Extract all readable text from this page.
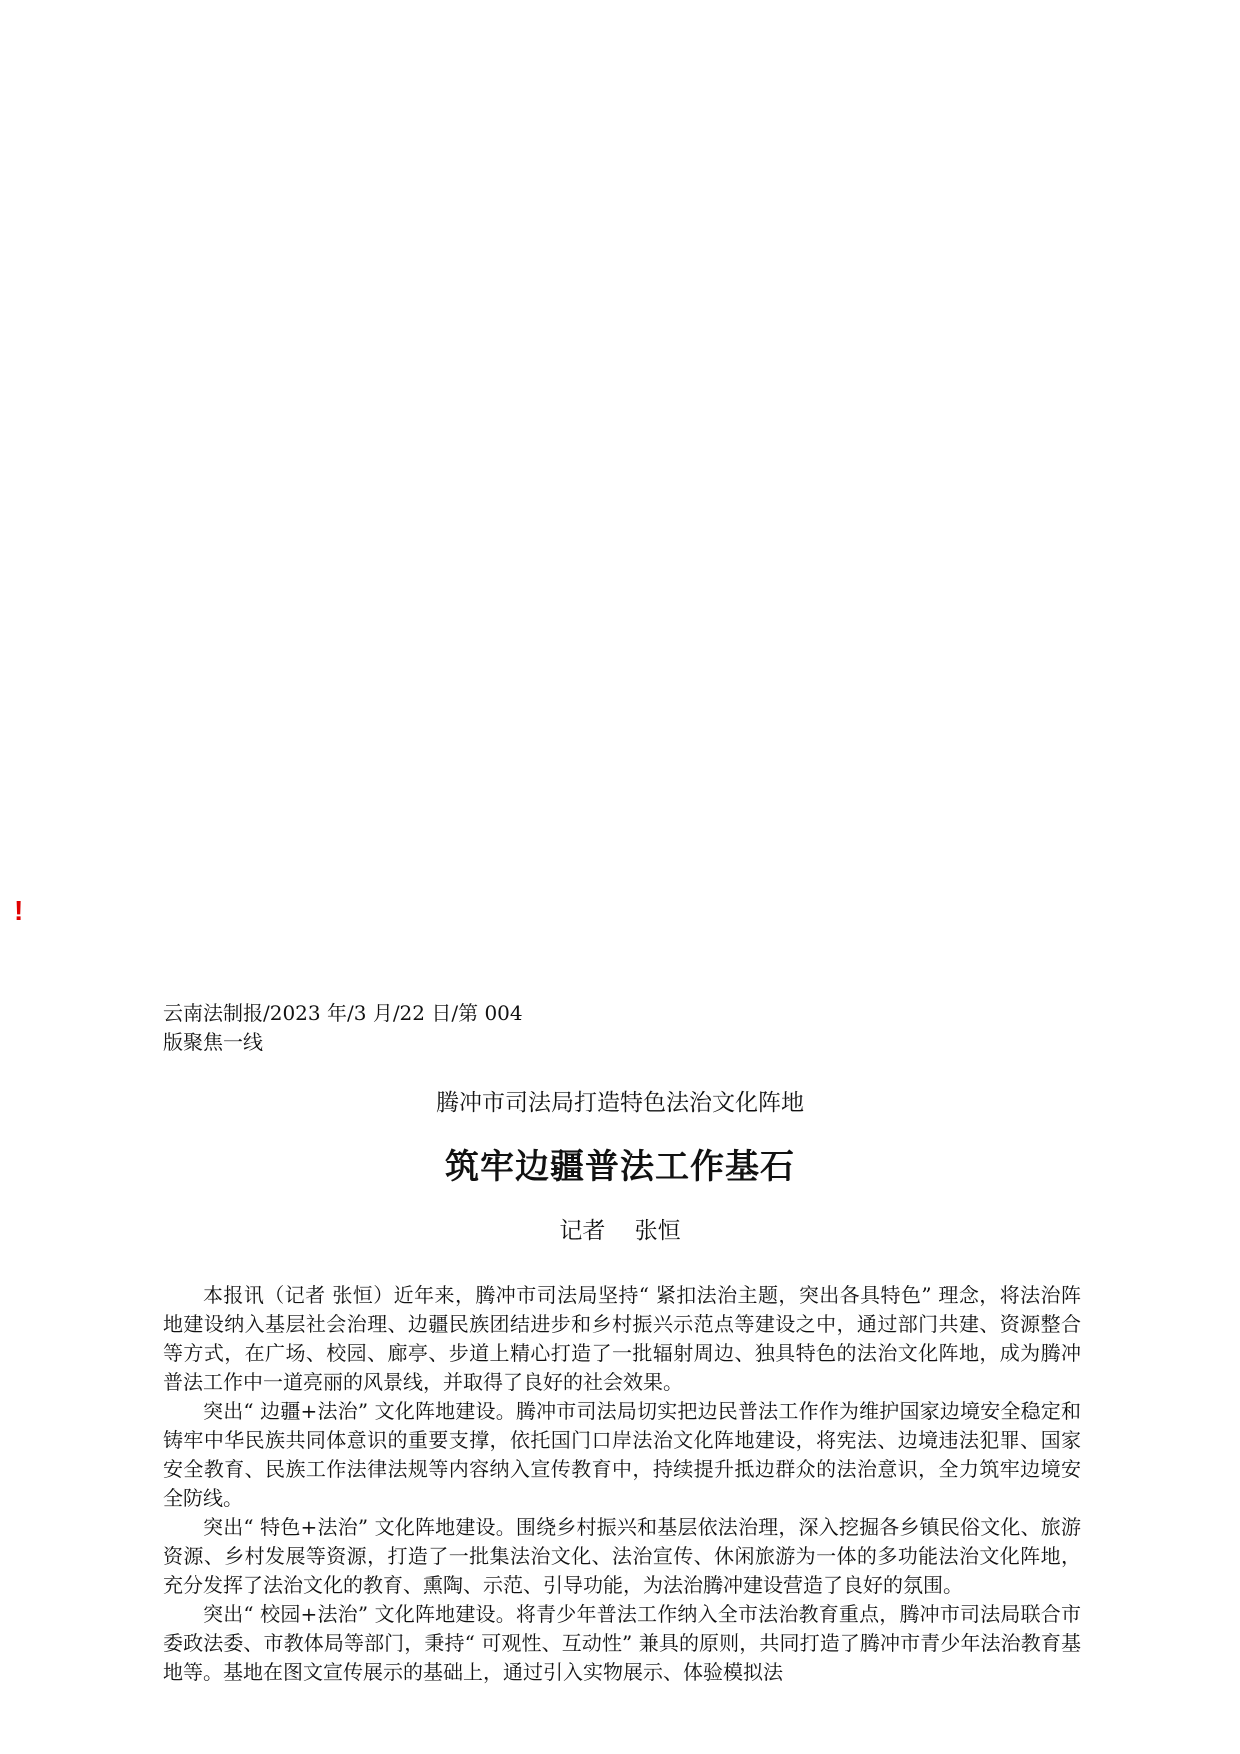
!
云南法制报/2023 年/3 月/22 日/第 004
版聚焦一线
腾冲市司法局打造特色法治文化阵地
筑牢边疆普法工作基石
记者    张恒

本报讯（记者 张恒）近年来，腾冲市司法局坚持“ 紧扣法治主题，突出各具特色” 理念，将法治阵地建设纳入基层社会治理、边疆民族团结进步和乡村振兴示范点等建设之中，通过部门共建、资源整合等方式，在广场、校园、廊亭、步道上精心打造了一批辐射周边、独具特色的法治文化阵地，成为腾冲普法工作中一道亮丽的风景线，并取得了良好的社会效果。

突出“ 边疆+法治” 文化阵地建设。腾冲市司法局切实把边民普法工作作为维护国家边境安全稳定和铸牢中华民族共同体意识的重要支撑，依托国门口岸法治文化阵地建设，将宪法、边境违法犯罪、国家安全教育、民族工作法律法规等内容纳入宣传教育中，持续提升抵边群众的法治意识，全力筑牢边境安全防线。

突出“ 特色+法治” 文化阵地建设。围绕乡村振兴和基层依法治理，深入挖掘各乡镇民俗文化、旅游资源、乡村发展等资源，打造了一批集法治文化、法治宣传、休闲旅游为一体的多功能法治文化阵地，充分发挥了法治文化的教育、熏陶、示范、引导功能，为法治腾冲建设营造了良好的氛围。

突出“ 校园+法治” 文化阵地建设。将青少年普法工作纳入全市法治教育重点，腾冲市司法局联合市委政法委、市教体局等部门，秉持“ 可观性、互动性” 兼具的原则，共同打造了腾冲市青少年法治教育基地等。基地在图文宣传展示的基础上，通过引入实物展示、体验模拟法
